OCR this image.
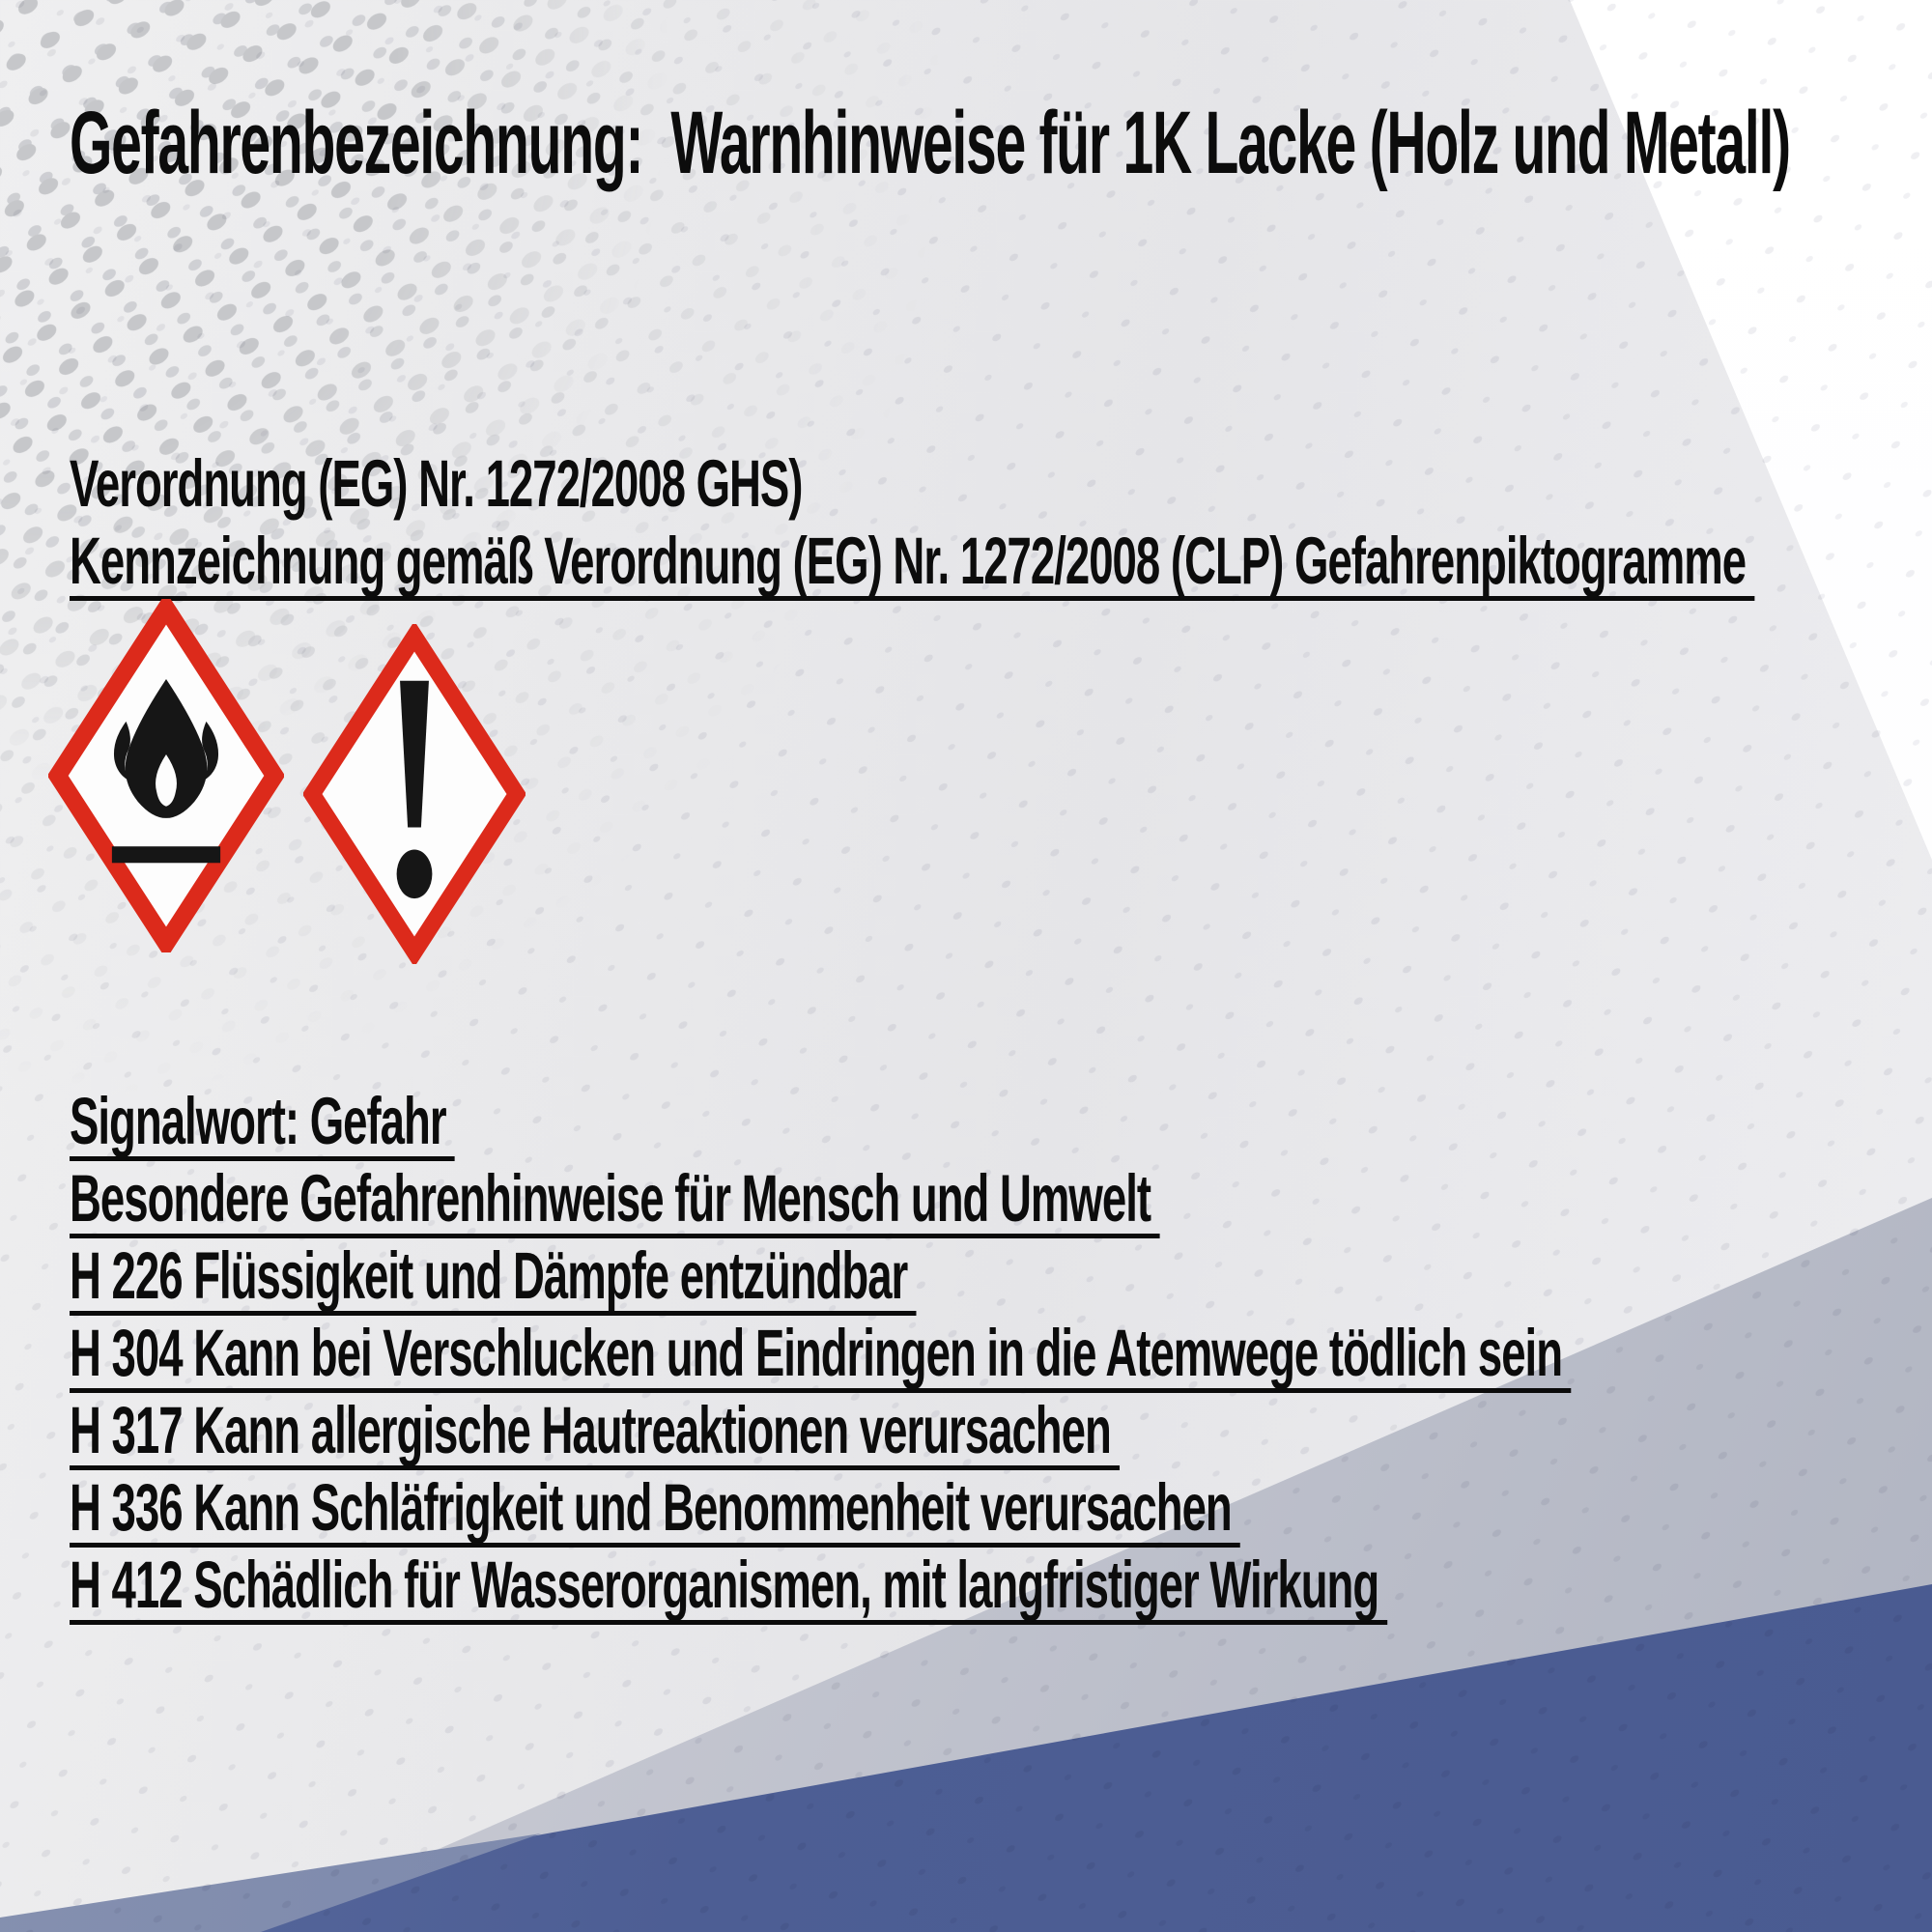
Gefahrenbezeichnung:  Warnhinweise für 1K Lacke (Holz und Metall)

Verordnung (EG) Nr. 1272/2008 GHS)

Kennzeichnung gemäß Verordnung (EG) Nr. 1272/2008 (CLP) Gefahrenpiktogramme

Signalwort: Gefahr

Besondere Gefahrenhinweise für Mensch und Umwelt

H 226 Flüssigkeit und Dämpfe entzündbar

H 304 Kann bei Verschlucken und Eindringen in die Atemwege tödlich sein

H 317 Kann allergische Hautreaktionen verursachen

H 336 Kann Schläfrigkeit und Benommenheit verursachen

H 412 Schädlich für Wasserorganismen, mit langfristiger Wirkung
